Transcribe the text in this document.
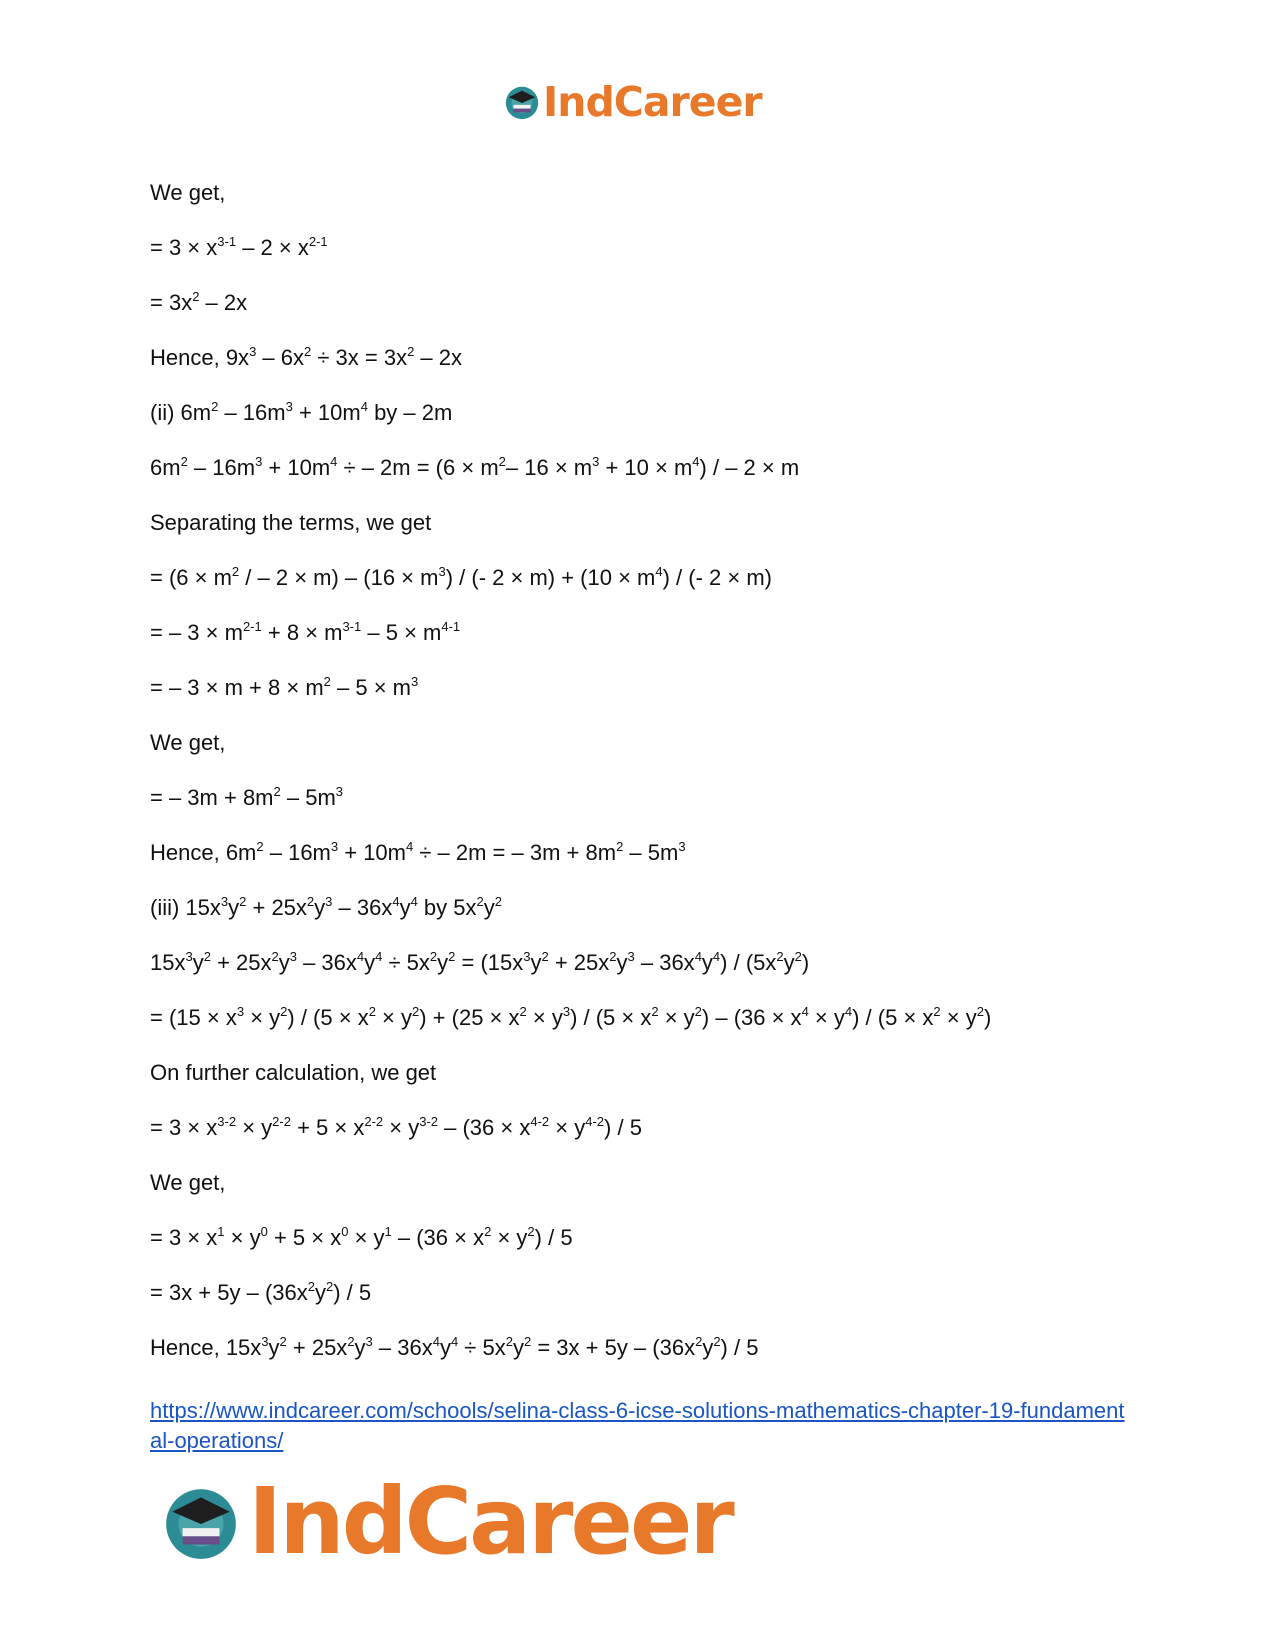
IndCareer
We get,
= $3 \times x^{3-1} - 2 \times x^{2-1}$
= $3x^2 - 2x$
Hence, $9x^3 - 6x^2 \div 3x = 3x^2 - 2x$
(ii) $6m^2 - 16m^3 + 10m^4$ by – 2m
$6m^2 - 16m^3 + 10m^4$ ÷ – $2m = (6 \times m^2-$ $16 \times m^3 + 10 \times m^4$) / – 2 × m
Separating the terms, we get
= ($6 \times m^2$ / – $2 \times m) - (16 \times m^3)$ / (- $2 \times m) + (10 \times m^4)$ / (- 2 × m)
= – $3 \times m^{2-1} + 8 \times m^{3-1} - 5 \times m^{4-1}$
= – $3 \times m + 8 \times m^2 - 5 \times m^3$
We get,
= – $3m + 8m^2 - 5m^3$
Hence, $6m^2 - 16m^3 + 10m^4$ ÷ – 2m = – $3m + 8m^2 - 5m^3$
(iii) $15x^3y^2 + 25x^2y^3 - 36x^4y^4$ by $5x^2y^2$
$15x^3y^2 + 25x^2y^3 - 36x^4y^4 \div 5x^2y^2 = (15x^3y^2 + 25x^2y^3 - 36x^4y^4) / (5x^2y^2)$
= $(15 \times x^3 \times y^2) / (5 \times x^2 \times y^2) + (25 \times x^2 \times y^3) / (5 \times x^2 \times y^2) - (36 \times x^4 \times y^4) / (5 \times x^2 \times y^2)$
On further calculation, we get
= $3 \times x^{3-2} \times y^{2-2} + 5 \times x^{2-2} \times y^{3-2} - (36 \times x^{4-2} \times y^{4-2}) / 5$
We get,
= $3 \times x^1 \times y^0 + 5 \times x^0 \times y^1 - (36 \times x^2 \times y^2) / 5$
= $3x + 5y - (36x^2y^2) / 5$
Hence, $15x^3y^2 + 25x^2y^3 - 36x^4y^4 \div 5x^2y^2 = 3x + 5y - (36x^2y^2) / 5$
https://www.indcareer.com/schools/selina-class-6-icse-solutions-mathematics-chapter-19-fundamental-operations/
IndCareer
